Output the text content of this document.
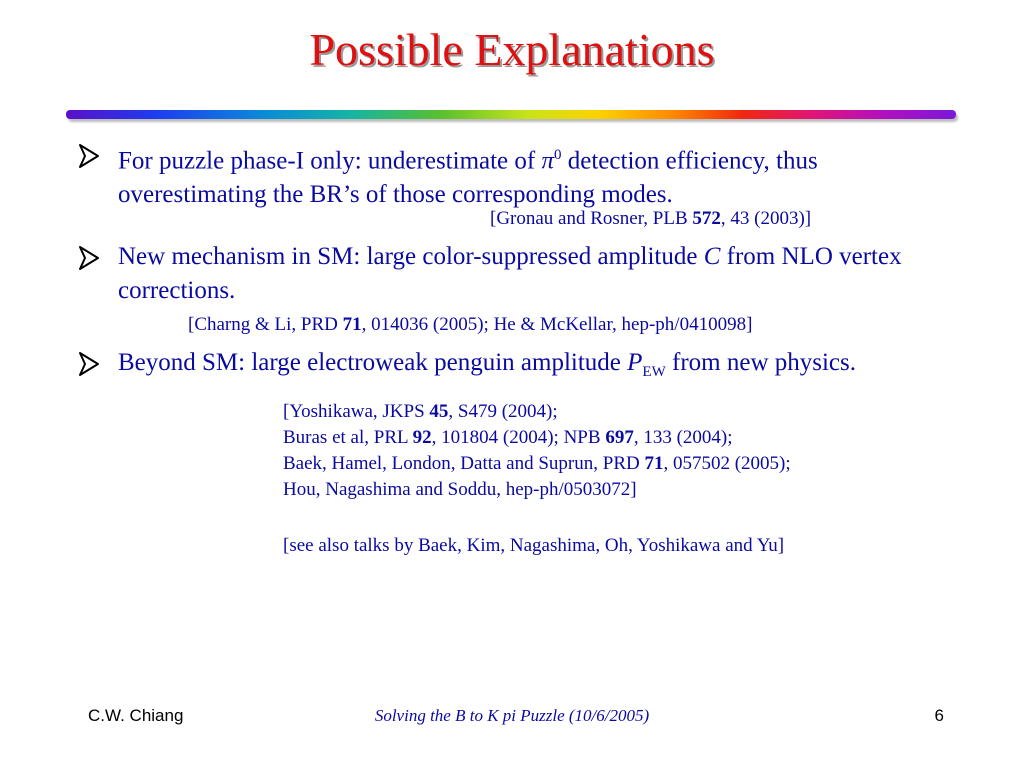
Possible Explanations
For puzzle phase-I only: underestimate of $\pi^0$ detection efficiency, thus overestimating the BR’s of those corresponding modes.
[Gronau and Rosner, PLB 572, 43 (2003)]
New mechanism in SM: large color-suppressed amplitude C from NLO vertex corrections.
[Charng & Li, PRD 71, 014036 (2005); He & McKellar, hep-ph/0410098]
Beyond SM: large electroweak penguin amplitude $P_{EW}$ from new physics.
[Yoshikawa, JKPS 45, S479 (2004);
Buras et al, PRL 92, 101804 (2004); NPB 697, 133 (2004);
Baek, Hamel, London, Datta and Suprun, PRD 71, 057502 (2005);
Hou, Nagashima and Soddu, hep-ph/0503072]
[see also talks by Baek, Kim, Nagashima, Oh, Yoshikawa and Yu]
C.W. Chiang	Solving the B to K pi Puzzle (10/6/2005)	6
